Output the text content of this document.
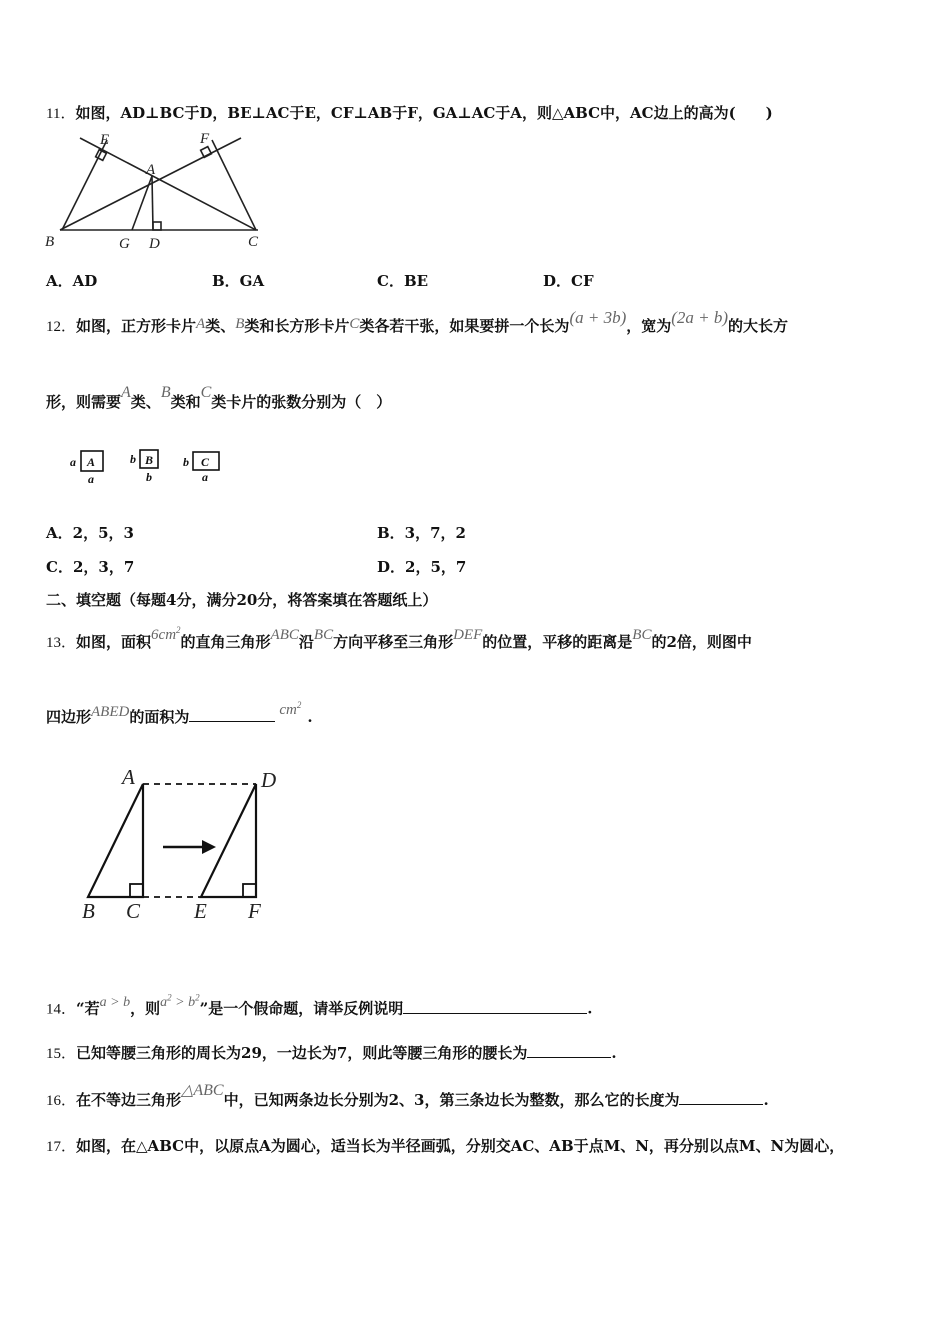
11．如图，AD⊥BC于D，BE⊥AC于E，CF⊥AB于F，GA⊥AC于A，则△ABC中，AC边上的高为(　　)
E	F
A
B	G D	C
A．AD	B．GA	C．BE	D．CF
12．如图，正方形卡片A类、B类和长方形卡片C类各若干张，如果要拼一个长为(a + 3b)，宽为(2a + b)的大长方
形，则需要A类、B类和C类卡片的张数分别为（　）
a A
a
b B
b
b C
a
A．2，5，3	B．3，7，2
C．2，3，7	D．2，5，7
二、填空题（每题4分，满分20分，将答案填在答题纸上）
13．如图，面积$6cm^2$的直角三角形ABC沿BC方向平移至三角形DEF的位置，平移的距离是BC的2倍，则图中
四边形ABED的面积为	$cm^2$.
A	D
B C	E F
14．“若a > b，则$a^2 > b^2$”是一个假命题，请举反例说明	.
15．已知等腰三角形的周长为29，一边长为7，则此等腰三角形的腰长为	.
16．在不等边三角形△ABC中，已知两条边长分别为2、3，第三条边长为整数，那么它的长度为	.
17．如图，在△ABC中，以原点A为圆心，适当长为半径画弧，分别交AC、AB于点M、N，再分别以点M、N为圆心，
